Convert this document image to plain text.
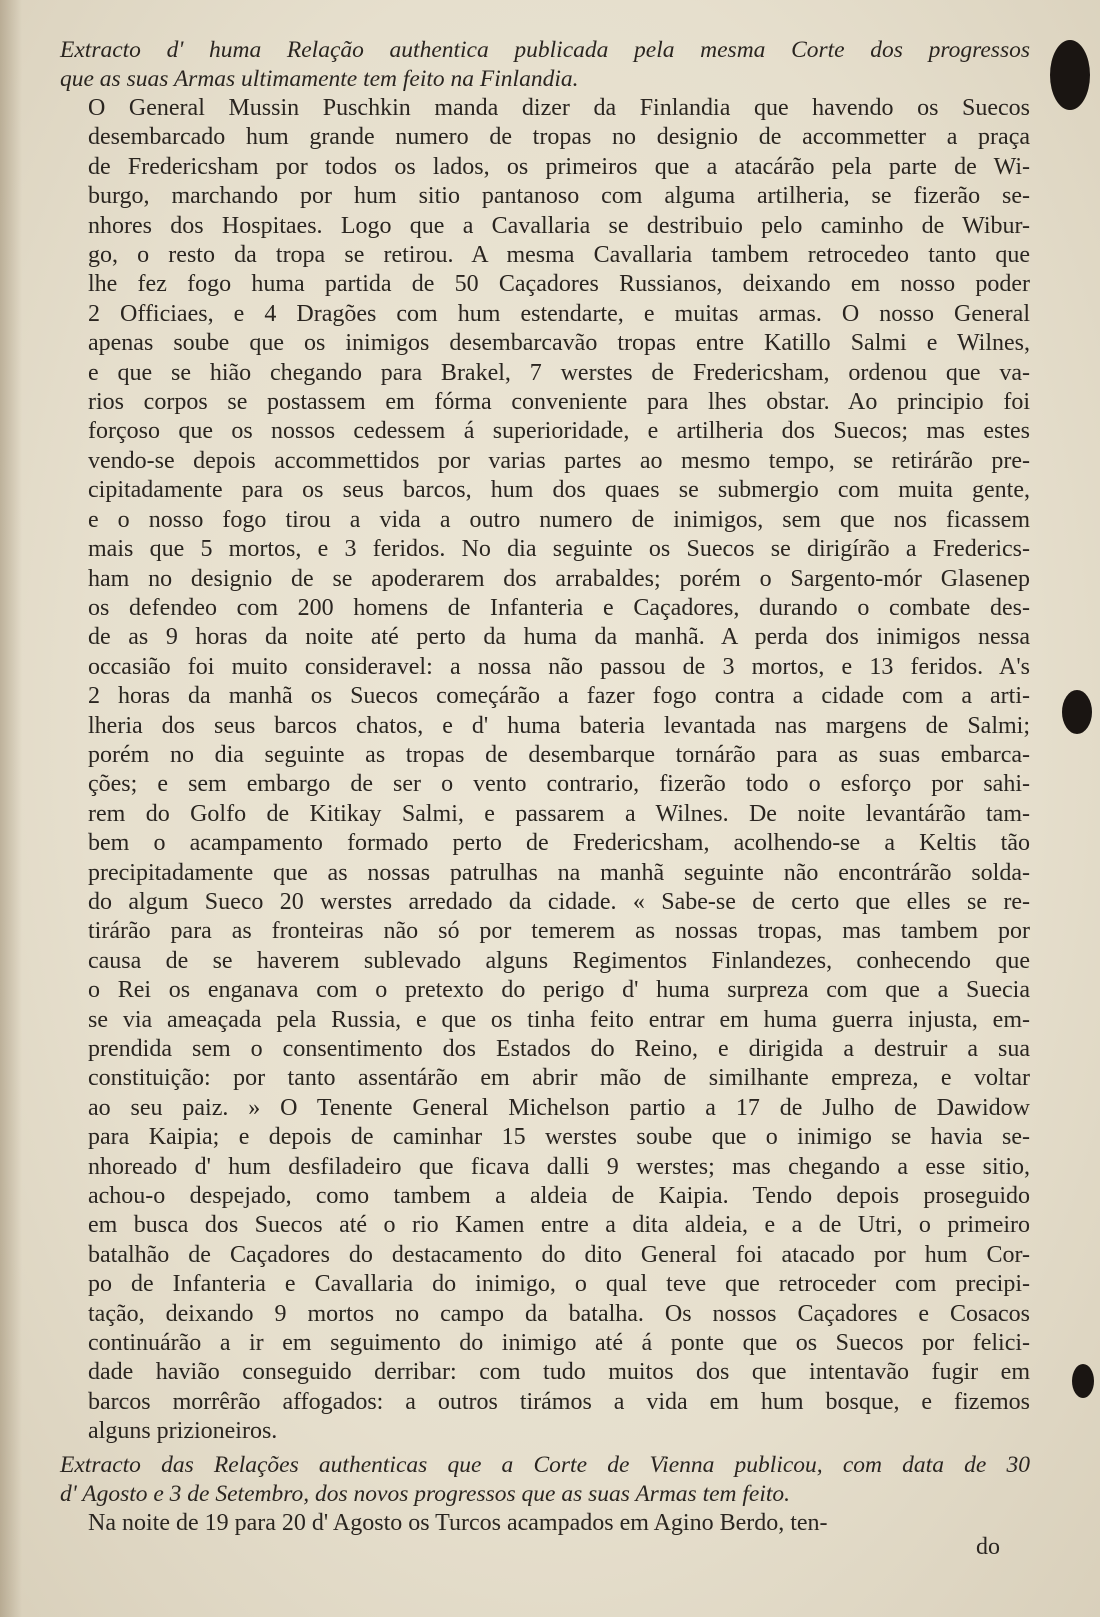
Extracto d' huma Relação authentica publicada pela mesma Corte dos progressos
que as suas Armas ultimamente tem feito na Finlandia.
O General Mussin Puschkin manda dizer da Finlandia que havendo os Suecos
desembarcado hum grande numero de tropas no designio de accommetter a praça
de Fredericsham por todos os lados, os primeiros que a atacárão pela parte de Wi-
burgo, marchando por hum sitio pantanoso com alguma artilheria, se fizerão se-
nhores dos Hospitaes. Logo que a Cavallaria se destribuio pelo caminho de Wibur-
go, o resto da tropa se retirou. A mesma Cavallaria tambem retrocedeo tanto que
lhe fez fogo huma partida de 50 Caçadores Russianos, deixando em nosso poder
2 Officiaes, e 4 Dragões com hum estendarte, e muitas armas. O nosso General
apenas soube que os inimigos desembarcavão tropas entre Katillo Salmi e Wilnes,
e que se hião chegando para Brakel, 7 werstes de Fredericsham, ordenou que va-
rios corpos se postassem em fórma conveniente para lhes obstar. Ao principio foi
forçoso que os nossos cedessem á superioridade, e artilheria dos Suecos; mas estes
vendo-se depois accommettidos por varias partes ao mesmo tempo, se retirárão pre-
cipitadamente para os seus barcos, hum dos quaes se submergio com muita gente,
e o nosso fogo tirou a vida a outro numero de inimigos, sem que nos ficassem
mais que 5 mortos, e 3 feridos. No dia seguinte os Suecos se dirigírão a Frederics-
ham no designio de se apoderarem dos arrabaldes; porém o Sargento-mór Glasenep
os defendeo com 200 homens de Infanteria e Caçadores, durando o combate des-
de as 9 horas da noite até perto da huma da manhã. A perda dos inimigos nessa
occasião foi muito consideravel: a nossa não passou de 3 mortos, e 13 feridos. A's
2 horas da manhã os Suecos começárão a fazer fogo contra a cidade com a arti-
lheria dos seus barcos chatos, e d' huma bateria levantada nas margens de Salmi;
porém no dia seguinte as tropas de desembarque tornárão para as suas embarca-
ções; e sem embargo de ser o vento contrario, fizerão todo o esforço por sahi-
rem do Golfo de Kitikay Salmi, e passarem a Wilnes. De noite levantárão tam-
bem o acampamento formado perto de Fredericsham, acolhendo-se a Keltis tão
precipitadamente que as nossas patrulhas na manhã seguinte não encontrárão solda-
do algum Sueco 20 werstes arredado da cidade. « Sabe-se de certo que elles se re-
tirárão para as fronteiras não só por temerem as nossas tropas, mas tambem por
causa de se haverem sublevado alguns Regimentos Finlandezes, conhecendo que
o Rei os enganava com o pretexto do perigo d' huma surpreza com que a Suecia
se via ameaçada pela Russia, e que os tinha feito entrar em huma guerra injusta, em-
prendida sem o consentimento dos Estados do Reino, e dirigida a destruir a sua
constituição: por tanto assentárão em abrir mão de similhante empreza, e voltar
ao seu paiz. » O Tenente General Michelson partio a 17 de Julho de Dawidow
para Kaipia; e depois de caminhar 15 werstes soube que o inimigo se havia se-
nhoreado d' hum desfiladeiro que ficava dalli 9 werstes; mas chegando a esse sitio,
achou-o despejado, como tambem a aldeia de Kaipia. Tendo depois proseguido
em busca dos Suecos até o rio Kamen entre a dita aldeia, e a de Utri, o primeiro
batalhão de Caçadores do destacamento do dito General foi atacado por hum Cor-
po de Infanteria e Cavallaria do inimigo, o qual teve que retroceder com precipi-
tação, deixando 9 mortos no campo da batalha. Os nossos Caçadores e Cosacos
continuárão a ir em seguimento do inimigo até á ponte que os Suecos por felici-
dade havião conseguido derribar: com tudo muitos dos que intentavão fugir em
barcos morrêrão affogados: a outros tirámos a vida em hum bosque, e fizemos
alguns prizioneiros.
Extracto das Relações authenticas que a Corte de Vienna publicou, com data de 30
d' Agosto e 3 de Setembro, dos novos progressos que as suas Armas tem feito.
Na noite de 19 para 20 d' Agosto os Turcos acampados em Agino Berdo, ten-
do
